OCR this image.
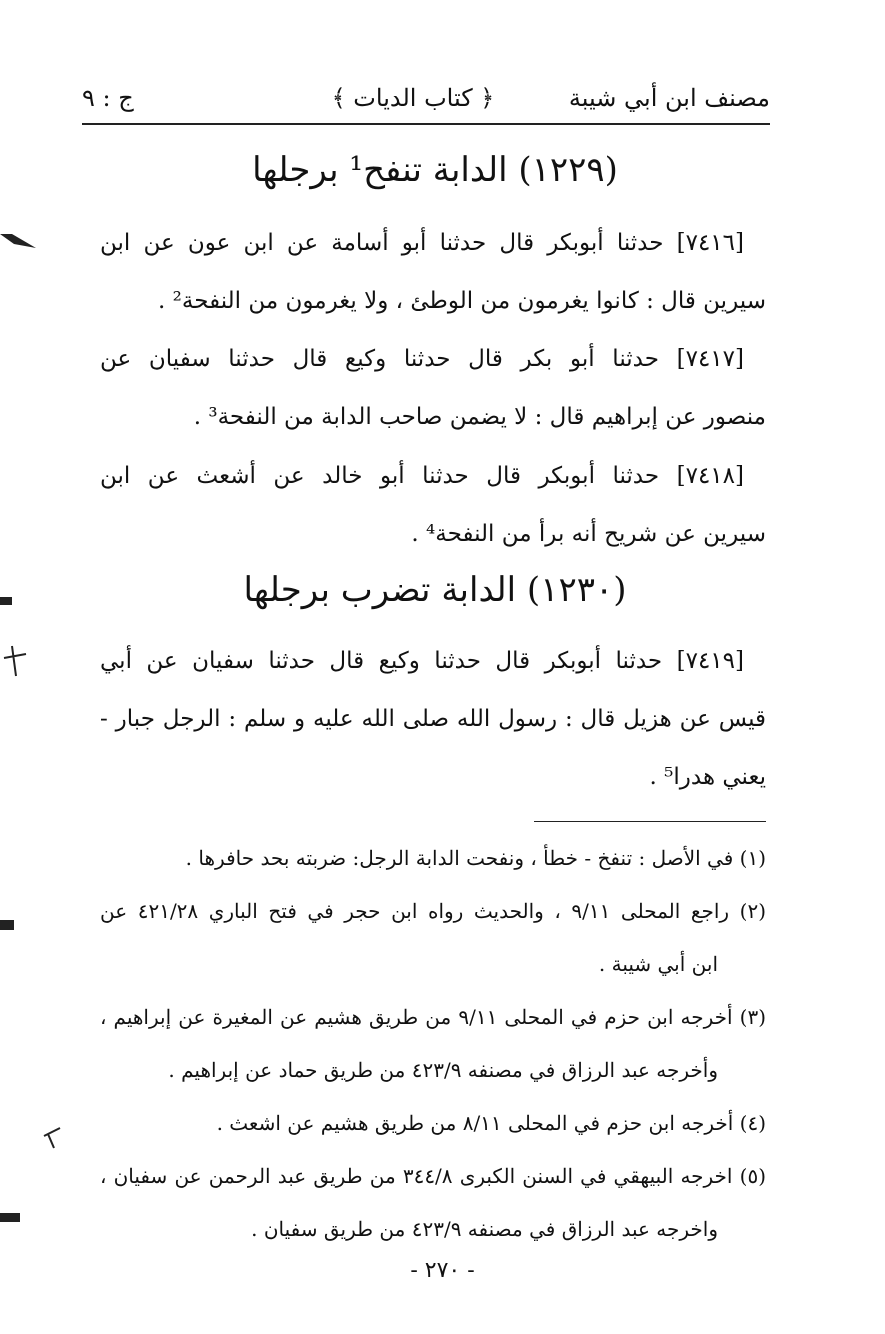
ج : ٩	﴿ كتاب الديات ﴾	مصنف ابن أبي شيبة
(١٢٢٩) الدابة تنفح¹ برجلها
[٧٤١٦] حدثنا أبوبكر قال حدثنا أبو أسامة عن ابن عون عن ابن
سيرين قال : كانوا يغرمون من الوطئ ، ولا يغرمون من النفحة² .
[٧٤١٧] حدثنا أبو بكر قال حدثنا وكيع قال حدثنا سفيان عن
منصور عن إبراهيم قال : لا يضمن صاحب الدابة من النفحة³ .
[٧٤١٨] حدثنا أبوبكر قال حدثنا أبو خالد عن أشعث عن ابن
سيرين عن شريح أنه برأ من النفحة⁴ .
(١٢٣٠) الدابة تضرب برجلها
[٧٤١٩] حدثنا أبوبكر قال حدثنا وكيع قال حدثنا سفيان عن أبي
قيس عن هزيل قال : رسول الله صلى الله عليه و سلم : الرجل جبار -
يعني هدرا⁵ .
(١) في الأصل : تنفخ - خطأ ، ونفحت الدابة الرجل: ضربته بحد حافرها .
(٢) راجع المحلى ٩/١١ ، والحديث رواه ابن حجر في فتح الباري ٤٢١/٢٨ عن
ابن أبي شيبة .
(٣) أخرجه ابن حزم في المحلى ٩/١١ من طريق هشيم عن المغيرة عن إبراهيم ،
وأخرجه عبد الرزاق في مصنفه ٤٢٣/٩ من طريق حماد عن إبراهيم .
(٤) أخرجه ابن حزم في المحلى ٨/١١ من طريق هشيم عن اشعث .
(٥) اخرجه البيهقي في السنن الكبرى ٣٤٤/٨ من طريق عبد الرحمن عن سفيان ،
واخرجه عبد الرزاق في مصنفه ٤٢٣/٩ من طريق سفيان .
- ٢٧٠ -
